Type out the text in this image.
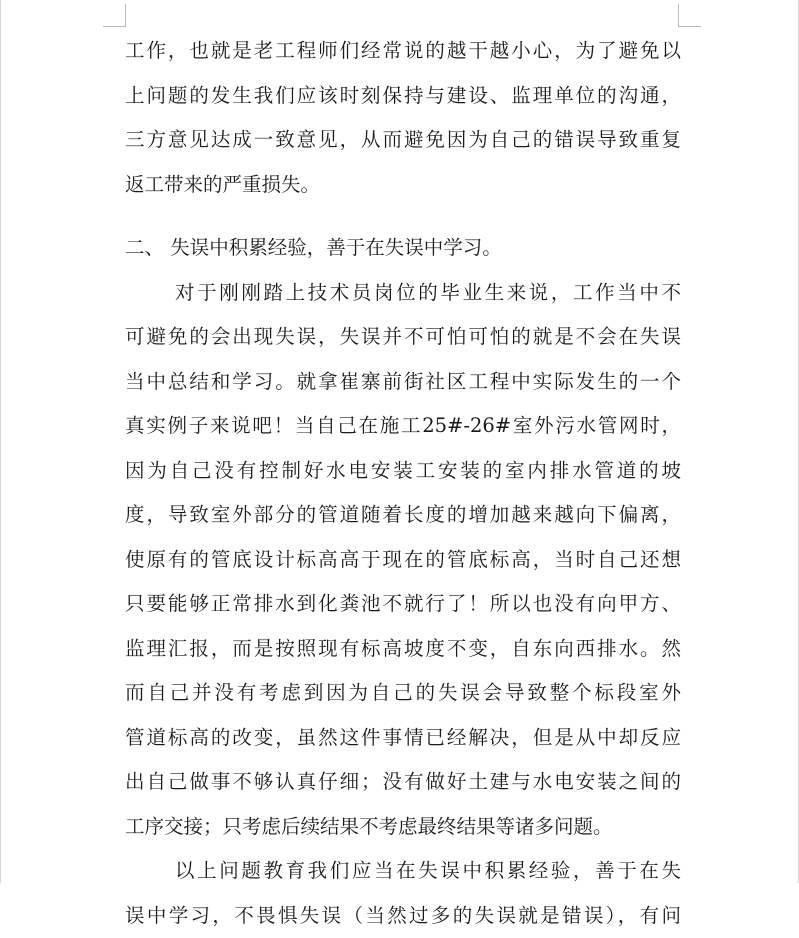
工作，也就是老工程师们经常说的越干越小心，为了避免以
上问题的发生我们应该时刻保持与建设、监理单位的沟通，
三方意见达成一致意见，从而避免因为自己的错误导致重复
返工带来的严重损失。
二、 失误中积累经验，善于在失误中学习。
对于刚刚踏上技术员岗位的毕业生来说，工作当中不
可避免的会出现失误，失误并不可怕可怕的就是不会在失误
当中总结和学习。就拿崔寨前街社区工程中实际发生的一个
真实例子来说吧！当自己在施工25#-26#室外污水管网时，
因为自己没有控制好水电安装工安装的室内排水管道的坡
度，导致室外部分的管道随着长度的增加越来越向下偏离，
使原有的管底设计标高高于现在的管底标高，当时自己还想
只要能够正常排水到化粪池不就行了！所以也没有向甲方、
监理汇报，而是按照现有标高坡度不变，自东向西排水。然
而自己并没有考虑到因为自己的失误会导致整个标段室外
管道标高的改变，虽然这件事情已经解决，但是从中却反应
出自己做事不够认真仔细；没有做好土建与水电安装之间的
工序交接；只考虑后续结果不考虑最终结果等诸多问题。
以上问题教育我们应当在失误中积累经验，善于在失
误中学习，不畏惧失误（当然过多的失误就是错误），有问
